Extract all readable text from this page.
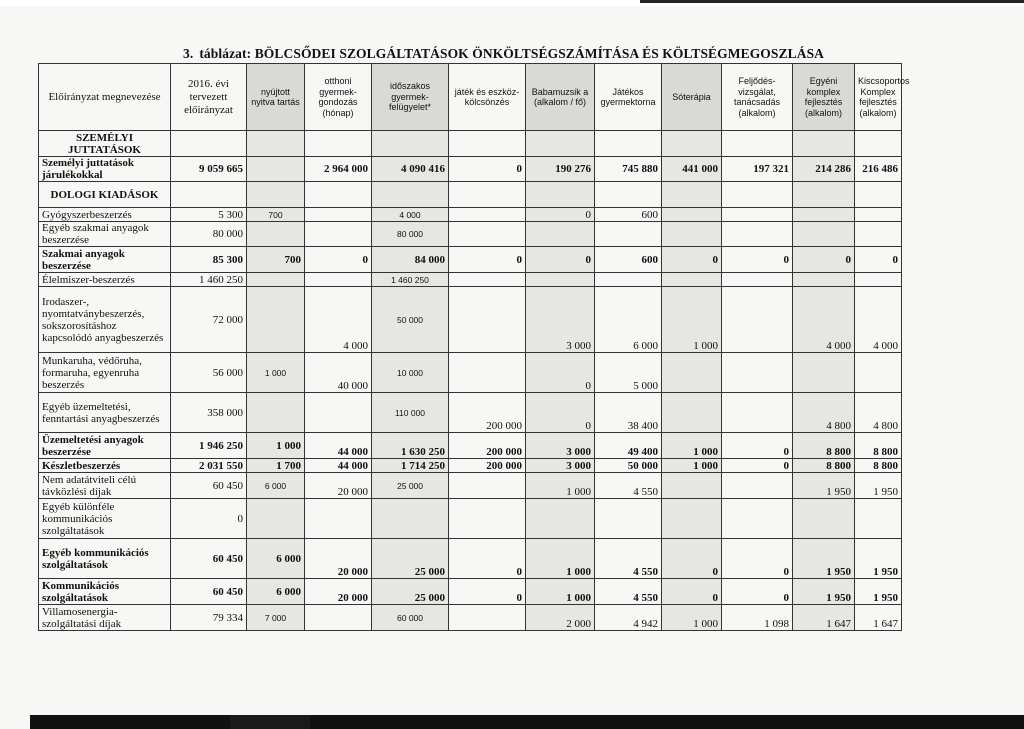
3. táblázat: BÖLCSŐDEI SZOLGÁLTATÁSOK ÖNKÖLTSÉGSZÁMÍTÁSA ÉS KÖLTSÉGMEGOSZLÁSA
Előirányzat megnevezése	2016. évi tervezett előirányzat	nyújtott nyitva tartás	otthoni gyermek-gondozás (hónap)	időszakos gyermek-felügyelet*	játék és eszköz-kölcsönzés	Babamuzsik a (alkalom / fő)	Játékos gyermektorna	Sóterápia	Feljődés-vizsgálat, tanácsadás (alkalom)	Egyéni komplex fejlesztés (alkalom)	Kiscsoportos Komplex fejlesztés (alkalom)
SZEMÉLYI JUTTATÁSOK											
Személyi juttatások járulékokkal	9 059 665		2 964 000	4 090 416	0	190 276	745 880	441 000	197 321	214 286	216 486
DOLOGI KIADÁSOK											
Gyógyszerbeszerzés	5 300	700		4 000		0	600				
Egyéb szakmai anyagok beszerzése	80 000			80 000							
Szakmai anyagok beszerzése	85 300	700	0	84 000	0	0	600	0	0	0	0
Élelmiszer-beszerzés	1 460 250			1 460 250							
Irodaszer-, nyomtatványbeszerzés, sokszorosításhoz kapcsolódó anyagbeszerzés	72 000		4 000	50 000		3 000	6 000	1 000		4 000	4 000
Munkaruha, védőruha, formaruha, egyenruha beszerzés	56 000	1 000	40 000	10 000		0	5 000				
Egyéb üzemeltetési, fenntartási anyagbeszerzés	358 000			110 000	200 000	0	38 400			4 800	4 800
Üzemeltetési anyagok beszerzése	1 946 250	1 000	44 000	1 630 250	200 000	3 000	49 400	1 000	0	8 800	8 800
Készletbeszerzés	2 031 550	1 700	44 000	1 714 250	200 000	3 000	50 000	1 000	0	8 800	8 800
Nem adatátviteli célú távközlési díjak	60 450	6 000	20 000	25 000		1 000	4 550			1 950	1 950
Egyéb különféle kommunikációs szolgáltatások	0										
Egyéb kommunikációs szolgáltatások	60 450	6 000	20 000	25 000	0	1 000	4 550	0	0	1 950	1 950
Kommunikációs szolgáltatások	60 450	6 000	20 000	25 000	0	1 000	4 550	0	0	1 950	1 950
Villamosenergia-szolgáltatási díjak	79 334	7 000		60 000		2 000	4 942	1 000	1 098	1 647	1 647
